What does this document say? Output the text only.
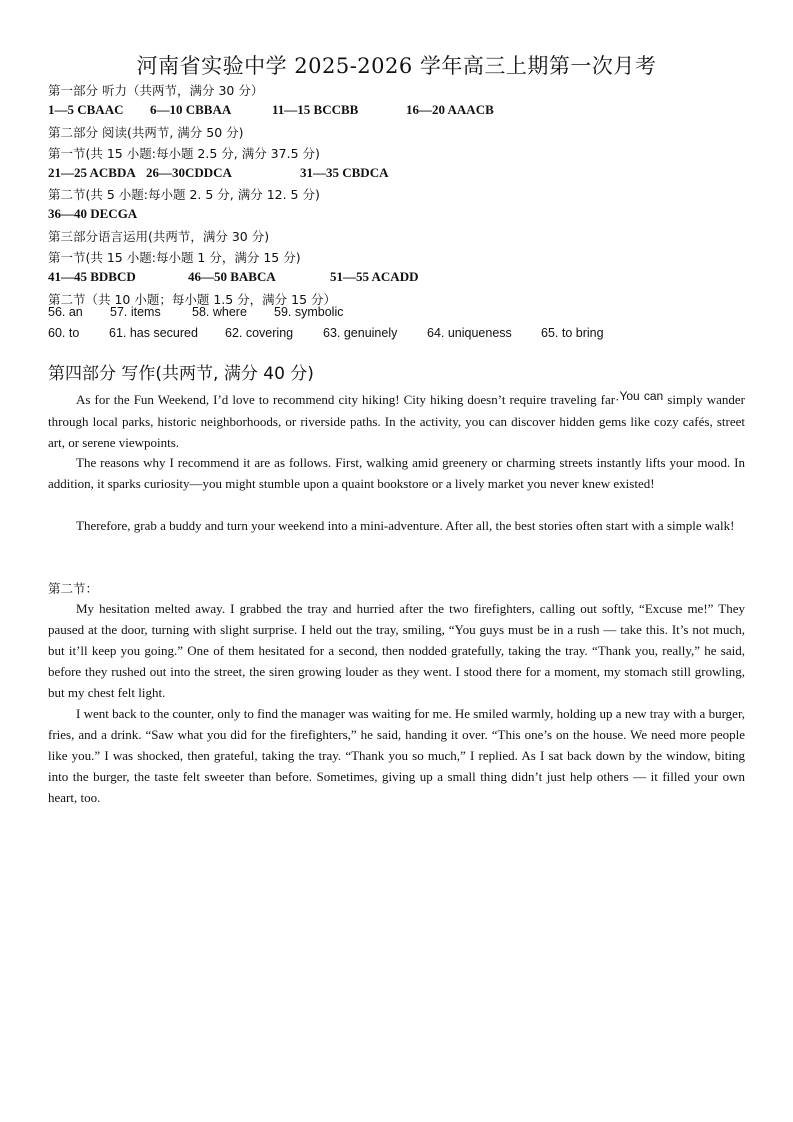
河南省实验中学 2025-2026 学年高三上期第一次月考
第一部分 听力（共两节，满分 30 分）
1—5 CBAAC 6—10 CBBAA	11—15 BCCBB	16—20 AAACB
第二部分 阅读(共两节, 满分 50 分)
第一节(共 15 小题:每小题 2.5 分, 满分 37.5 分)
21—25 ACBDA 26—30CDDCA	31—35 CBDCA
第二节(共 5 小题:每小题 2. 5 分, 满分 12. 5 分)
36—40 DECGA
第三部分语言运用(共两节，满分 30 分)
第一节(共 15 小题:每小题 1 分，满分 15 分)
41—45 BDBCD	46—50 BABCA	51—55 ACADD
第二节（共 10 小题；每小题 1.5 分，满分 15 分）
56. an 57. items	58. where 59. symbolic
60. to 61. has secured 62. covering 63. genuinely 64. uniqueness 65. to bring
第四部分 写作(共两节, 满分 40 分)

As for the Fun Weekend, I’d love to recommend city hiking! City hiking doesn’t require traveling far·You can simply wander through local parks, historic neighborhoods, or riverside paths. In the activity, you can discover hidden gems like cozy cafés, street art, or serene viewpoints.

The reasons why I recommend it are as follows. First, walking amid greenery or charming streets instantly lifts your mood. In addition, it sparks curiosity—you might stumble upon a quaint bookstore or a lively market you never knew existed!

Therefore, grab a buddy and turn your weekend into a mini-adventure. After all, the best stories often start with a simple walk!

第二节：

My hesitation melted away. I grabbed the tray and hurried after the two firefighters, calling out softly, “Excuse me!” They paused at the door, turning with slight surprise. I held out the tray, smiling, “You guys must be in a rush — take this. It’s not much, but it’ll keep you going.” One of them hesitated for a second, then nodded gratefully, taking the tray. “Thank you, really,” he said, before they rushed out into the street, the siren growing louder as they went. I stood there for a moment, my stomach still growling, but my chest felt light.

I went back to the counter, only to find the manager was waiting for me. He smiled warmly, holding up a new tray with a burger, fries, and a drink. “Saw what you did for the firefighters,” he said, handing it over. “This one’s on the house. We need more people like you.” I was shocked, then grateful, taking the tray. “Thank you so much,” I replied. As I sat back down by the window, biting into the burger, the taste felt sweeter than before. Sometimes, giving up a small thing didn’t just help others — it filled your own heart, too.
